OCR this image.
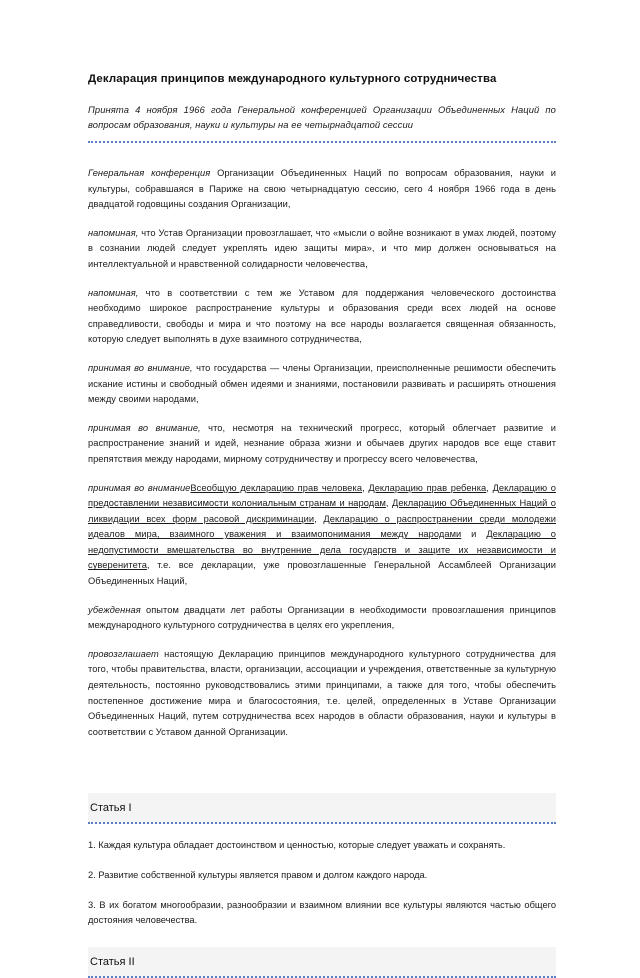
Декларация принципов международного культурного сотрудничества
Принята 4 ноября 1966 года Генеральной конференцией Организации Объединенных Наций по вопросам образования, науки и культуры на ее четырнадцатой сессии

Генеральная конференция Организации Объединенных Наций по вопросам образования, науки и культуры, собравшаяся в Париже на свою четырнадцатую сессию, сего 4 ноября 1966 года в день двадцатой годовщины создания Организации,

напоминая, что Устав Организации провозглашает, что «мысли о войне возникают в умах людей, поэтому в сознании людей следует укреплять идею защиты мира», и что мир должен основываться на интеллектуальной и нравственной солидарности человечества,

напоминая, что в соответствии с тем же Уставом для поддержания человеческого достоинства необходимо широкое распространение культуры и образования среди всех людей на основе справедливости, свободы и мира и что поэтому на все народы возлагается священная обязанность, которую следует выполнять в духе взаимного сотрудничества,

принимая во внимание, что государства — члены Организации, преисполненные решимости обеспечить искание истины и свободный обмен идеями и знаниями, постановили развивать и расширять отношения между своими народами,

принимая во внимание, что, несмотря на технический прогресс, который облегчает развитие и распространение знаний и идей, незнание образа жизни и обычаев других народов все еще ставит препятствия между народами, мирному сотрудничеству и прогрессу всего человечества,

принимая во вниманиеВсеобщую декларацию прав человека, Декларацию прав ребенка, Декларацию о предоставлении независимости колониальным странам и народам, Декларацию Объединенных Наций о ликвидации всех форм расовой дискриминации, Декларацию о распространении среди молодежи идеалов мира, взаимного уважения и взаимопонимания между народами и Декларацию о недопустимости вмешательства во внутренние дела государств и защите их независимости и суверенитета, т.е. все декларации, уже провозглашенные Генеральной Ассамблеей Организации Объединенных Наций,

убежденная опытом двадцати лет работы Организации в необходимости провозглашения принципов международного культурного сотрудничества в целях его укрепления,

провозглашает настоящую Декларацию принципов международного культурного сотрудничества для того, чтобы правительства, власти, организации, ассоциации и учреждения, ответственные за культурную деятельность, постоянно руководствовались этими принципами, а также для того, чтобы обеспечить постепенное достижение мира и благосостояния, т.е. целей, определенных в Уставе Организации Объединенных Наций, путем сотрудничества всех народов в области образования, науки и культуры в соответствии с Уставом данной Организации.

Статья I

1. Каждая культура обладает достоинством и ценностью, которые следует уважать и сохранять.

2. Развитие собственной культуры является правом и долгом каждого народа.

3. В их богатом многообразии, разнообразии и взаимном влиянии все культуры являются частью общего достояния человечества.

Статья II
